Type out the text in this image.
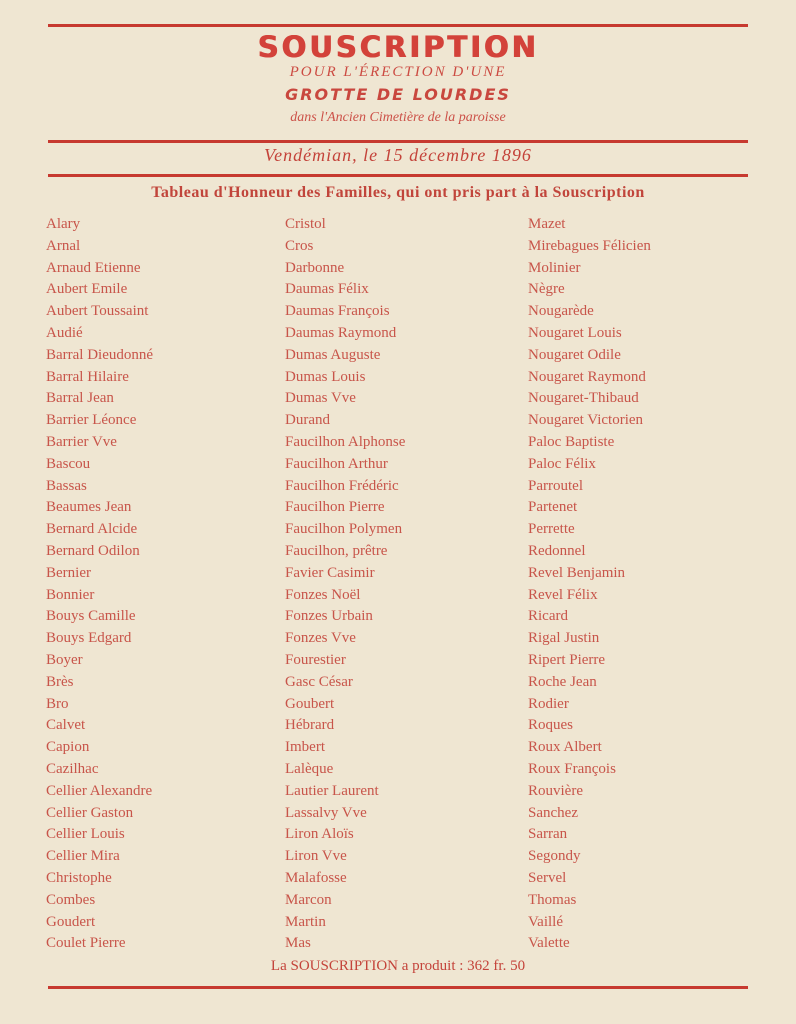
SOUSCRIPTION
POUR L'ÉRECTION D'UNE
GROTTE DE LOURDES
dans l'Ancien Cimetière de la paroisse
Vendémian, le 15 décembre 1896
Tableau d'Honneur des Familles, qui ont pris part à la Souscription
Alary
Arnal
Arnaud Etienne
Aubert Emile
Aubert Toussaint
Audié
Barral Dieudonné
Barral Hilaire
Barral Jean
Barrier Léonce
Barrier Vve
Bascou
Bassas
Beaumes Jean
Bernard Alcide
Bernard Odilon
Bernier
Bonnier
Bouys Camille
Bouys Edgard
Boyer
Brès
Bro
Calvet
Capion
Cazilhac
Cellier Alexandre
Cellier Gaston
Cellier Louis
Cellier Mira
Christophe
Combes
Goudert
Coulet Pierre
Cristol
Cros
Darbonne
Daumas Félix
Daumas François
Daumas Raymond
Dumas Auguste
Dumas Louis
Dumas Vve
Durand
Faucilhon Alphonse
Faucilhon Arthur
Faucilhon Frédéric
Faucilhon Pierre
Faucilhon Polymen
Faucilhon, prêtre
Favier Casimir
Fonzes Noël
Fonzes Urbain
Fonzes Vve
Fourestier
Gasc César
Goubert
Hébrard
Imbert
Lalèque
Lautier Laurent
Lassalvy Vve
Liron Aloïs
Liron Vve
Malafosse
Marcon
Martin
Mas
Mazet
Mirebagues Félicien
Molinier
Nègre
Nougarède
Nougaret Louis
Nougaret Odile
Nougaret Raymond
Nougaret-Thibaud
Nougaret Victorien
Paloc Baptiste
Paloc Félix
Parroutel
Partenet
Perrette
Redonnel
Revel Benjamin
Revel Félix
Ricard
Rigal Justin
Ripert Pierre
Roche Jean
Rodier
Roques
Roux Albert
Roux François
Rouvière
Sanchez
Sarran
Segondy
Servel
Thomas
Vaillé
Valette
La SOUSCRIPTION a produit : 362 fr. 50
